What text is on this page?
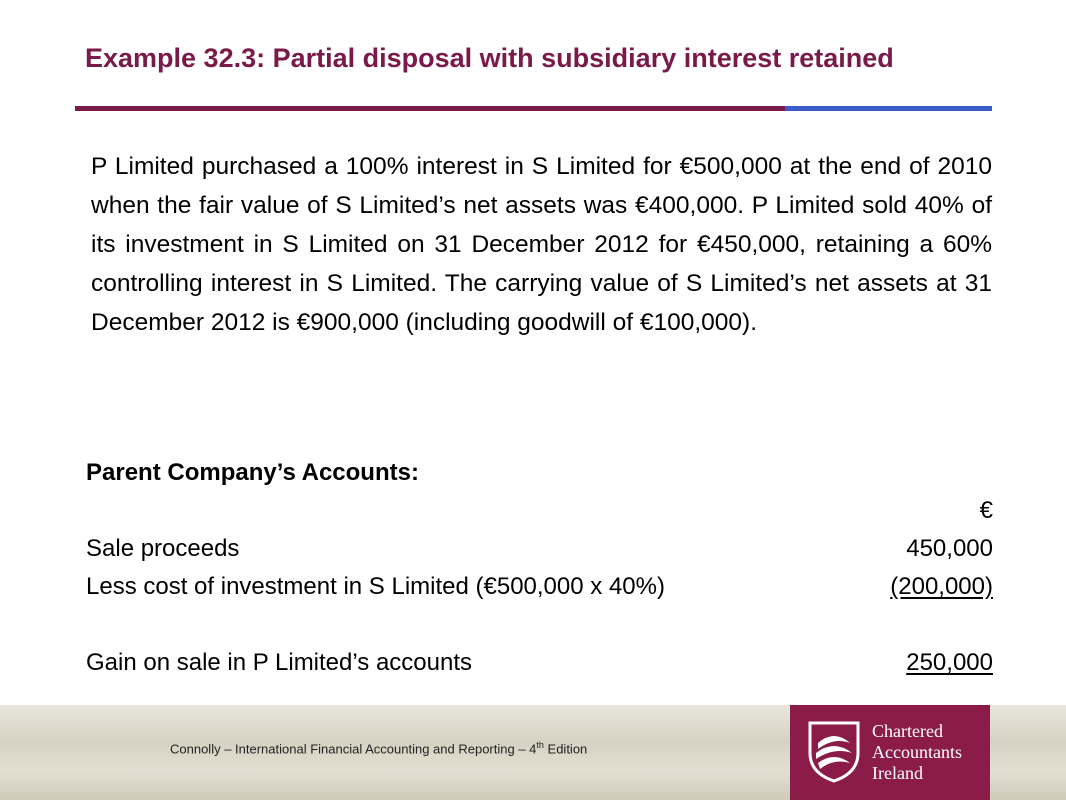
Example 32.3: Partial disposal with subsidiary interest retained

P Limited purchased a 100% interest in S Limited for €500,000 at the end of 2010 when the fair value of S Limited’s net assets was €400,000. P Limited sold 40% of its investment in S Limited on 31 December 2012 for €450,000, retaining a 60% controlling interest in S Limited. The carrying value of S Limited’s net assets at 31 December 2012 is €900,000 (including goodwill of €100,000).

Parent Company’s Accounts:
€
Sale proceeds	450,000
Less cost of investment in S Limited (€500,000 x 40%)	(200,000)
Gain on sale in P Limited’s accounts	250,000
Connolly – International Financial Accounting and Reporting – 4th Edition
Chartered
Accountants
Ireland
